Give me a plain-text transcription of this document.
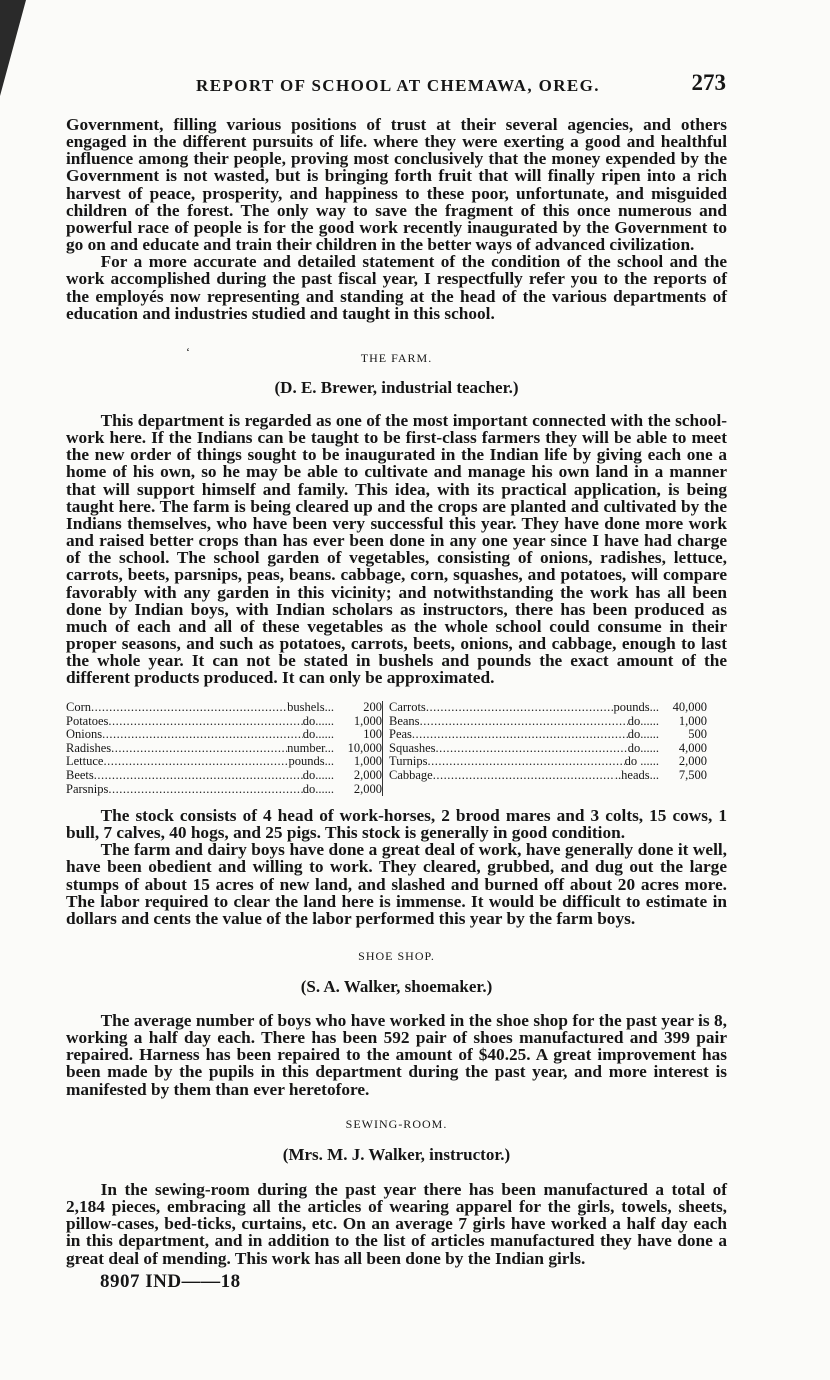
REPORT OF SCHOOL AT CHEMAWA, OREG.	273

Government, filling various positions of trust at their several agencies, and others engaged in the different pursuits of life. where they were exerting a good and healthful influence among their people, proving most conclusively that the money expended by the Government is not wasted, but is bringing forth fruit that will finally ripen into a rich harvest of peace, prosperity, and happiness to these poor, unfortunate, and misguided children of the forest. The only way to save the fragment of this once numerous and powerful race of people is for the good work recently inaugurated by the Government to go on and educate and train their children in the better ways of advanced civilization.

For a more accurate and detailed statement of the condition of the school and the work accomplished during the past fiscal year, I respectfully refer you to the reports of the employés now representing and standing at the head of the various departments of education and industries studied and taught in this school.

ʻ	THE FARM.
(D. E. Brewer, industrial teacher.)

This department is regarded as one of the most important connected with the school-work here. If the Indians can be taught to be first-class farmers they will be able to meet the new order of things sought to be inaugurated in the Indian life by giving each one a home of his own, so he may be able to cultivate and manage his own land in a manner that will support himself and family. This idea, with its practical application, is being taught here. The farm is being cleared up and the crops are planted and cultivated by the Indians themselves, who have been very successful this year. They have done more work and raised better crops than has ever been done in any one year since I have had charge of the school. The school garden of vegetables, consisting of onions, radishes, lettuce, carrots, beets, parsnips, peas, beans. cabbage, corn, squashes, and potatoes, will compare favorably with any garden in this vicinity; and notwithstanding the work has all been done by Indian boys, with Indian scholars as instructors, there has been produced as much of each and all of these vegetables as the whole school could consume in their proper seasons, and such as potatoes, carrots, beets, onions, and cabbage, enough to last the whole year. It can not be stated in bushels and pounds the exact amount of the different products produced. It can only be approximated.

Corn .....	bushels...	200
Potatoes .....	do......	1,000
Onions .....	do......	100
Radishes .....	number...	10,000
Lettuce .....	pounds...	1,000
Beets .....	do......	2,000
Parsnips .....	do......	2,000
Carrots .....	pounds...	40,000
Beans .....	do......	1,000
Peas .....	do......	500
Squashes .....	do......	4,000
Turnips .....	do ......	2,000
Cabbage .....	..heads...	7,500

The stock consists of 4 head of work-horses, 2 brood mares and 3 colts, 15 cows, 1 bull, 7 calves, 40 hogs, and 25 pigs. This stock is generally in good condition.

The farm and dairy boys have done a great deal of work, have generally done it well, have been obedient and willing to work. They cleared, grubbed, and dug out the large stumps of about 15 acres of new land, and slashed and burned off about 20 acres more. The labor required to clear the land here is immense. It would be difficult to estimate in dollars and cents the value of the labor performed this year by the farm boys.

SHOE SHOP.
(S. A. Walker, shoemaker.)

The average number of boys who have worked in the shoe shop for the past year is 8, working a half day each. There has been 592 pair of shoes manufactured and 399 pair repaired. Harness has been repaired to the amount of $40.25. A great improvement has been made by the pupils in this department during the past year, and more interest is manifested by them than ever heretofore.

SEWING-ROOM.
(Mrs. M. J. Walker, instructor.)

In the sewing-room during the past year there has been manufactured a total of 2,184 pieces, embracing all the articles of wearing apparel for the girls, towels, sheets, pillow-cases, bed-ticks, curtains, etc. On an average 7 girls have worked a half day each in this department, and in addition to the list of articles manufactured they have done a great deal of mending. This work has all been done by the Indian girls.

8907 IND——18
